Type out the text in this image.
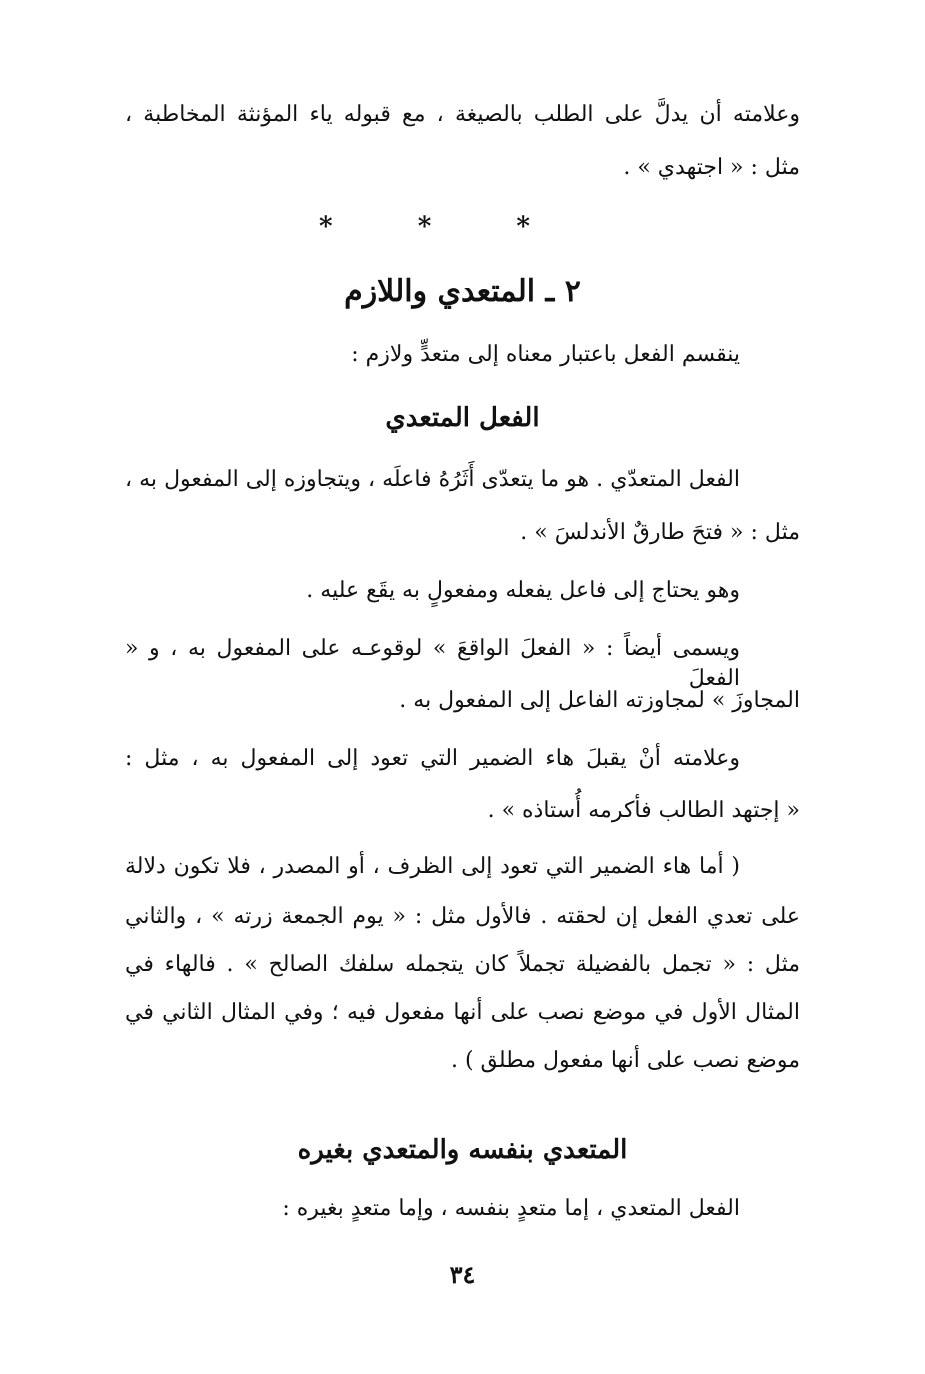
وعلامته أن يدلَّ على الطلب بالصيغة ، مع قبوله ياء المؤنثة المخاطبة ،
مثل : « اجتهدي » .
* * *
٢ ـ المتعدي واللازم
ينقسم الفعل باعتبار معناه إلى متعدٍّ ولازم :
الفعل المتعدي
الفعل المتعدّي . هو ما يتعدّى أَثَرُهُ فاعلَه ، ويتجاوزه إلى المفعول به ،
مثل : « فتحَ طارقٌ الأندلسَ » .
وهو يحتاج إلى فاعل يفعله ومفعولٍ به يقَع عليه .
ويسمى أيضاً : « الفعلَ الواقعَ » لوقوعـه على المفعول به ، و « الفعلَ
المجاوزَ » لمجاوزته الفاعل إلى المفعول به .
وعلامته أنْ يقبلَ هاء الضمير التي تعود إلى المفعول به ، مثل :
« إجتهد الطالب فأكرمه أُستاذه » .
( أما هاء الضمير التي تعود إلى الظرف ، أو المصدر ، فلا تكون دلالة
على تعدي الفعل إن لحقته . فالأول مثل : « يوم الجمعة زرته » ، والثاني
مثل : « تجمل بالفضيلة تجملاً كان يتجمله سلفك الصالح » . فالهاء في
المثال الأول في موضع نصب على أنها مفعول فيه ؛ وفي المثال الثاني في
موضع نصب على أنها مفعول مطلق ) .
المتعدي بنفسه والمتعدي بغيره
الفعل المتعدي ، إما متعدٍ بنفسه ، وإما متعدٍ بغيره :
٣٤
